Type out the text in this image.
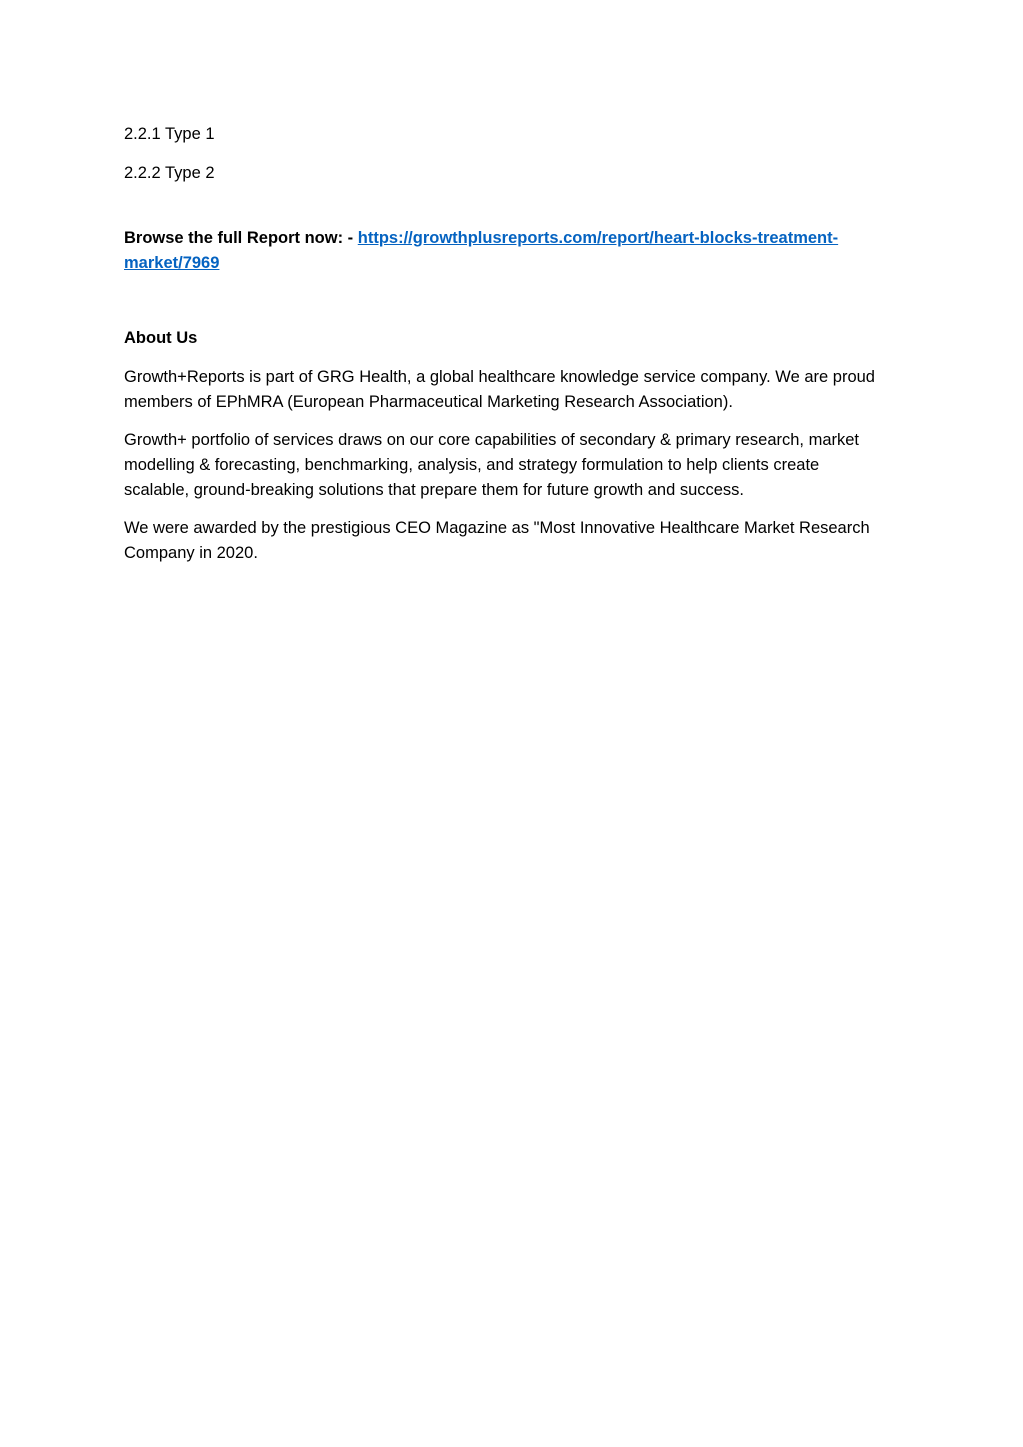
2.2.1 Type 1

2.2.2 Type 2

Browse the full Report now: - https://growthplusreports.com/report/heart-blocks-treatment-market/7969

About Us

Growth+Reports is part of GRG Health, a global healthcare knowledge service company. We are proud members of EPhMRA (European Pharmaceutical Marketing Research Association).

Growth+ portfolio of services draws on our core capabilities of secondary & primary research, market modelling & forecasting, benchmarking, analysis, and strategy formulation to help clients create scalable, ground-breaking solutions that prepare them for future growth and success.

We were awarded by the prestigious CEO Magazine as "Most Innovative Healthcare Market Research Company in 2020.
